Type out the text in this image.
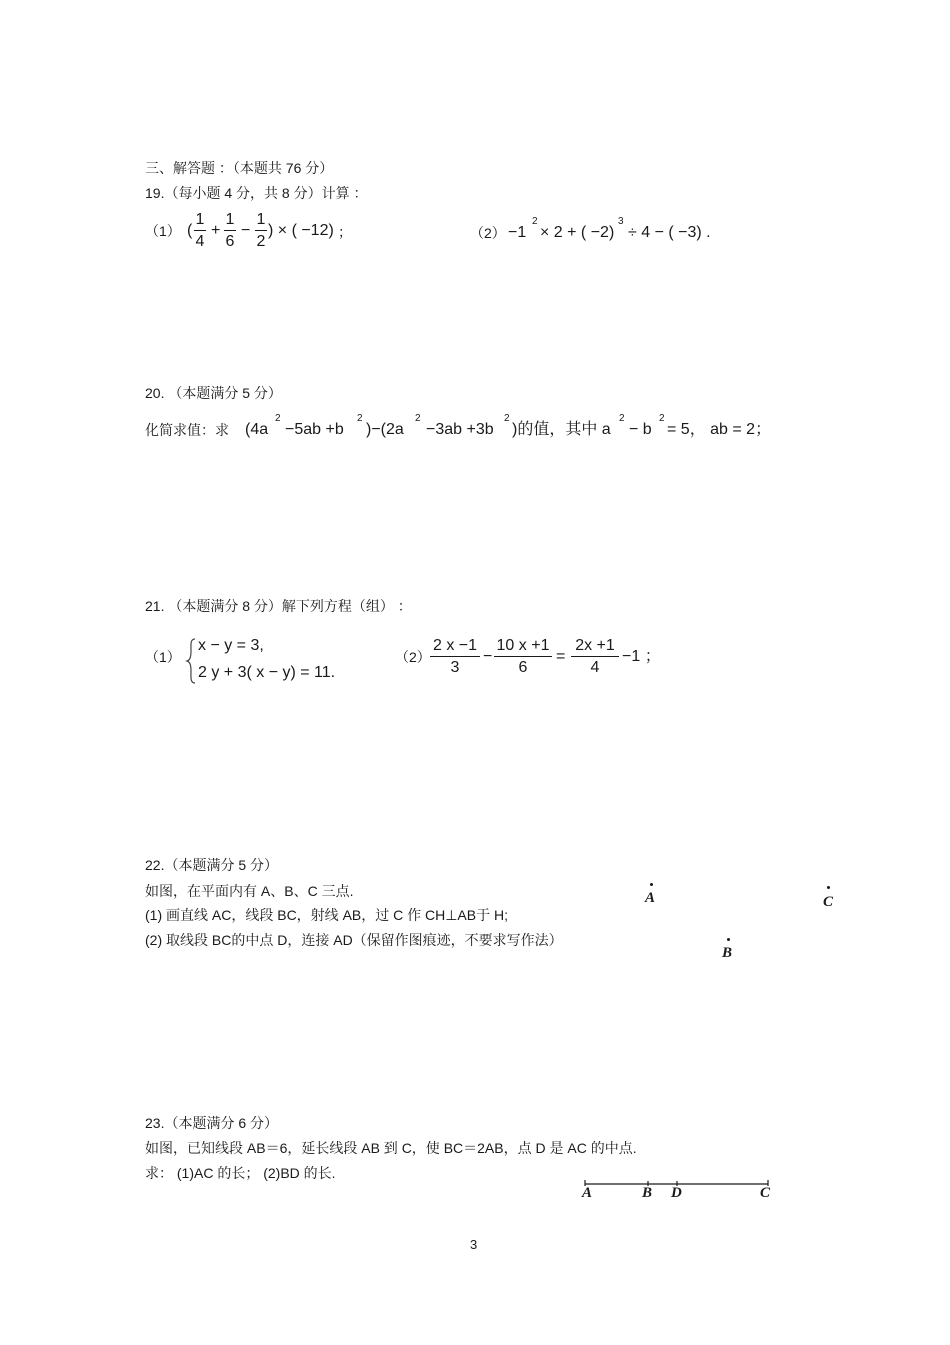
三、解答题 ：（本题共 76 分）
19.（每小题 4 分，共 8 分）计算 ：
（1） (
1
4
+
1
6
−
1
2
) × ( −12) ；	（2） −1
2
× 2 + ( −2)
3
÷ 4 − ( −3) .
20. （本题满分 5 分）
化简求值：求 (4a
2
−5ab +b
2
)−(2a
2
−3ab +3b
2
)的值，其中 a
2
− b
2
= 5， ab = 2；
21. （本题满分 8 分）解下列方程（组） ：
（1）
x − y = 3,
2 y + 3( x − y) = 11.
（2）
2 x −1
3
−
10 x +1
6
=
2x +1
4
−1 ；
22.（本题满分 5 分）
如图，在平面内有 A、B、C 三点.
(1) 画直线 AC，线段 BC，射线 AB，过 C 作 CH⊥AB于 H;
(2) 取线段 BC的中点 D，连接 AD（保留作图痕迹，不要求写作法）
A	C
B
23.（本题满分 6 分）
如图，已知线段 AB＝6，延长线段 AB 到 C，使 BC＝2AB，点 D 是 AC 的中点.
求： (1)AC 的长； (2)BD 的长.
A	B D	C
3
